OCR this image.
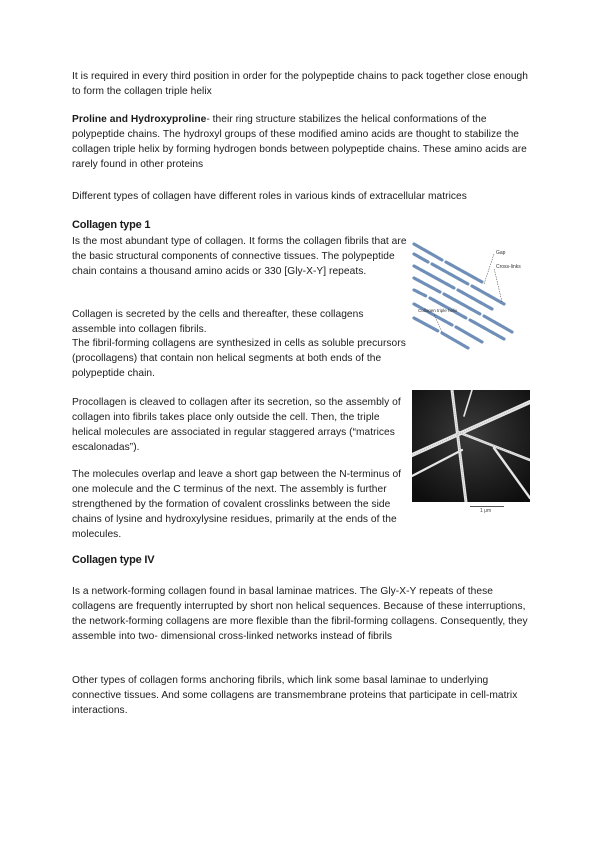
It is required in every third position in order for the polypeptide chains to pack together close enough to form the collagen triple helix

Proline and Hydroxyproline- their ring structure stabilizes the helical conformations of the polypeptide chains. The hydroxyl groups of these modified amino acids are thought to stabilize the collagen triple helix by forming hydrogen bonds between polypeptide chains. These amino acids are rarely found in other proteins

Different types of collagen have different roles in various kinds of extracellular matrices

Collagen type 1

Is the most abundant type of collagen. It forms the collagen fibrils that are the basic structural components of connective tissues. The polypeptide chain contains a thousand amino acids or 330 [Gly-X-Y] repeats.

Collagen is secreted by the cells and thereafter, these collagens assemble into collagen fibrils.

The fibril-forming collagens are synthesized in cells as soluble precursors (procollagens) that contain non helical segments at both ends of the polypeptide chain.

Procollagen is cleaved to collagen after its secretion, so the assembly of collagen into fibrils takes place only outside the cell. Then, the triple helical molecules are associated in regular staggered arrays (“matrices escalonadas”).

The molecules overlap and leave a short gap between the N-terminus of one molecule and the C terminus of the next. The assembly is further strengthened by the formation of covalent crosslinks between the side chains of lysine and hydroxylysine residues, primarily at the ends of the molecules.

Collagen type IV

Is a network-forming collagen found in basal laminae matrices. The Gly-X-Y repeats of these collagens are frequently interrupted by short non helical sequences. Because of these interruptions, the network-forming collagens are more flexible than the fibril-forming collagens. Consequently, they assemble into two- dimensional cross-linked networks instead of fibrils

Other types of collagen forms anchoring fibrils, which link some basal laminae to underlying connective tissues. And some collagens are transmembrane proteins that participate in cell-matrix interactions.

Gap
Cross-links
Collagen triple helix
1 μm
